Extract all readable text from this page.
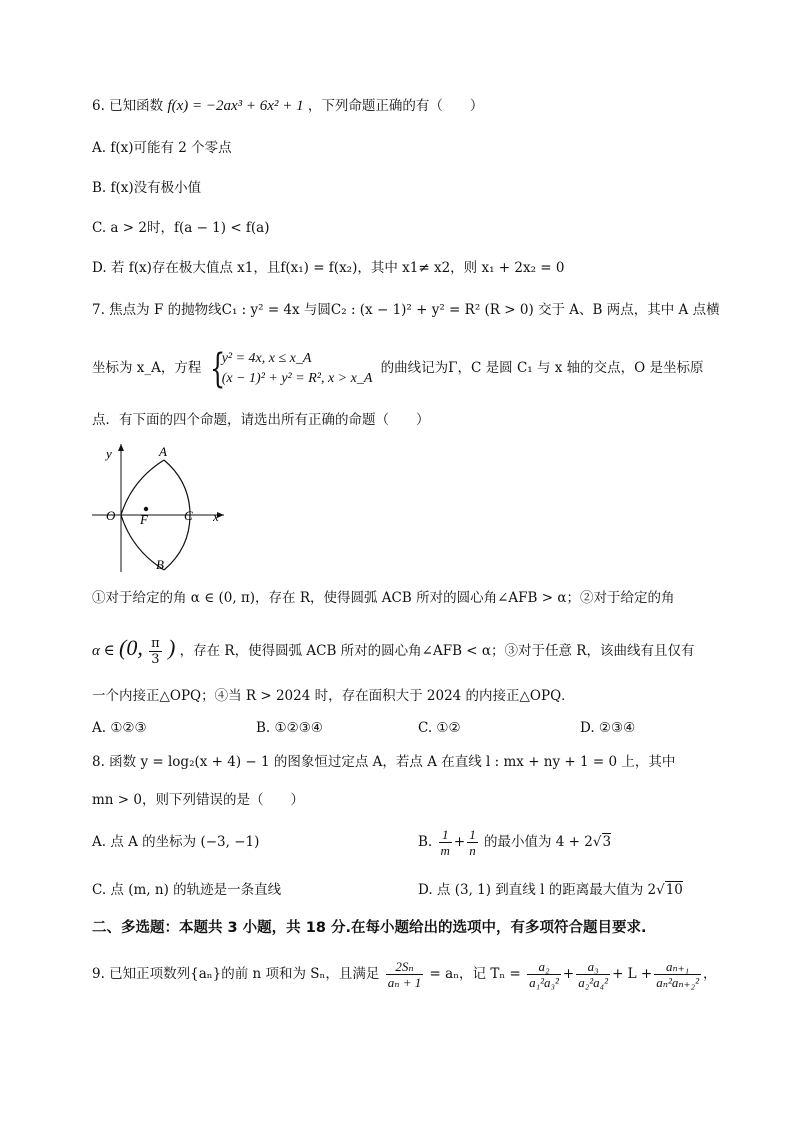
6. 已知函数 f(x) = −2ax³ + 6x² + 1 ，下列命题正确的有（　　）
A. f(x)可能有 2 个零点
B. f(x)没有极小值
C. a > 2时，f(a − 1) < f(a)
D. 若 f(x)存在极大值点 x1，且f(x₁) = f(x₂)，其中 x1≠ x2，则 x₁ + 2x₂ = 0
7. 焦点为 F 的抛物线C₁ : y² = 4x 与圆C₂ : (x − 1)² + y² = R² (R > 0) 交于 A、B 两点，其中 A 点横
坐标为 x_A，方程 {
y² = 4x, x ≤ x_A
(x − 1)² + y² = R², x > x_A
的曲线记为Γ，C 是圆 C₁ 与 x 轴的交点，O 是坐标原
点．有下面的四个命题，请选出所有正确的命题（　　）
y
x
O F	C
A
B
①对于给定的角 α ∈ (0, π)，存在 R，使得圆弧 ACB 所对的圆心角∠AFB > α；②对于给定的角
α ∈ (0, $\frac{\pi}{3}$ ) ，存在 R，使得圆弧 ACB 所对的圆心角∠AFB < α；③对于任意 R，该曲线有且仅有
一个内接正△OPQ；④当 R > 2024 时，存在面积大于 2024 的内接正△OPQ．
A. ①②③	B. ①②③④	C. ①②	D. ②③④
8. 函数 y = log₂(x + 4) − 1 的图象恒过定点 A，若点 A 在直线 l : mx + ny + 1 = 0 上，其中
mn > 0，则下列错误的是（　　）
A. 点 A 的坐标为 (−3, −1)	B. $\frac{1}{m} + \frac{1}{n}$ 的最小值为 4 + 2√3
C. 点 (m, n) 的轨迹是一条直线	D. 点 (3, 1) 到直线 l 的距离最大值为 2√10
二、多选题：本题共 3 小题，共 18 分.在每小题给出的选项中，有多项符合题目要求.
9. 已知正项数列{aₙ}的前 n 项和为 Sₙ，且满足 $\frac{\text{2Sₙ}}{\text{aₙ + 1}} = a_n$，记 $T_n = \frac{\text{a₂}}{\text{a₁²a₃²}} + \frac{\text{a₃}}{\text{a₂²a₄²}} + L + \frac{\text{aₙ₊₁}}{\text{aₙ²aₙ₊₂²}}$ ，
